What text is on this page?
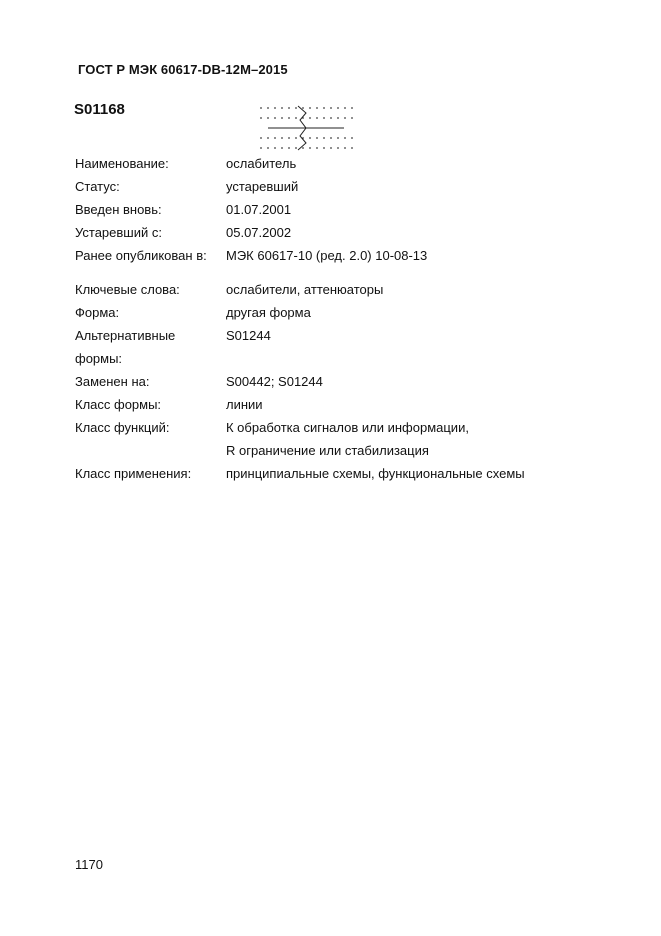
ГОСТ Р МЭК 60617-DB-12М–2015
S01168
Наименование:	ослабитель
Статус:	устаревший
Введен вновь:	01.07.2001
Устаревший с:	05.07.2002
Ранее опубликован в:	МЭК 60617-10 (ред. 2.0) 10-08-13
Ключевые слова:	ослабители, аттенюаторы
Форма:	другая форма
Альтернативные	S01244
формы:
Заменен на:	S00442; S01244
Класс формы:	линии
Класс функций:	К обработка сигналов или информации,
R ограничение или стабилизация
Класс применения:	принципиальные схемы, функциональные схемы
1170
